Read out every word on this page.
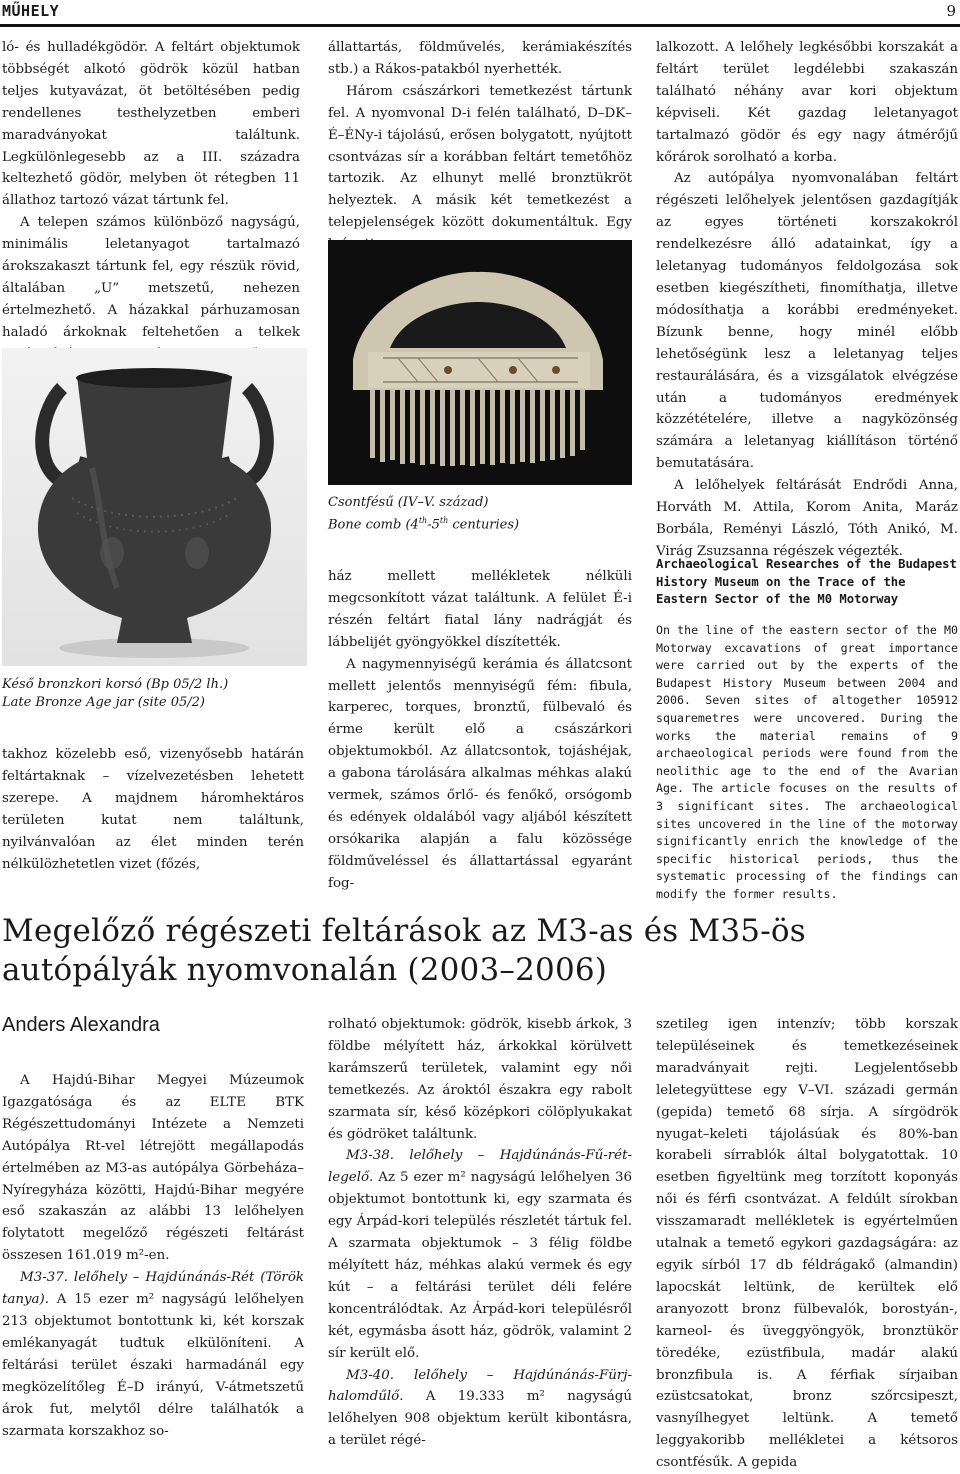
MŰHELY	9

ló- és hulladékgödör. A feltárt objektumok többségét alkotó gödrök közül hatban teljes kutyavázat, öt betöltésében pedig rendellenes testhelyzetben emberi maradványokat találtunk. Legkülönlegesebb az a III. századra keltezhető gödör, melyben öt rétegben 11 állathoz tartozó vázat tártunk fel.

A telepen számos különböző nagyságú, minimális leletanyagot tartalmazó árokszakaszt tártunk fel, egy részük rövid, általában „U” metszetű, nehezen értelmezhető. A házakkal párhuzamosan haladó árkoknak feltehetően a telkek

Késő bronzkori korsó (Bp 05/2 lh.)
Late Bronze Age jar (site 05/2)

takhoz közelebb eső, vizenyősebb határán feltártaknak – vízelvezetésben lehetett szerepe. A majdnem háromhektáros területen kutat nem találtunk, nyilvánvalóan az élet minden terén nélkülözhetetlen vizet (főzés,

állattartás, földművelés, kerámiakészítés stb.) a Rákos-patakból nyerhették.

Három császárkori temetkezést tártunk fel. A nyomvonal D-i felén található, D–DK–É–ÉNy-i tájolású, erősen bolygatott, nyújtott csontvázas sír a korábban feltárt temetőhöz tartozik. Az elhunyt mellé bronztükröt helyeztek. A másik két temetkezést a telepjelenségek között dokumentáltuk. Egy

Csontfésű (IV–V. század)
Bone comb (4th-5th centuries)

ház mellett mellékletek nélküli megcsonkított vázat találtunk. A felület É-i részén feltárt fiatal lány nadrágját és lábbelijét gyöngyökkel díszítették.

A nagymennyiségű kerámia és állatcsont mellett jelentős mennyiségű fém: fibula, karperec, torques, bronztű, fülbevaló és érme került elő a császárkori objektumokból. Az állatcsontok, tojáshéjak, a gabona tárolására alkalmas méhkas alakú vermek, számos őrlő- és fenőkő, orsógomb és edények oldalából vagy aljából készített orsókarika alapján a falu közössége földműveléssel és állattartással egyaránt fog-

lalkozott. A lelőhely legkésőbbi korszakát a feltárt terület legdélebbi szakaszán található néhány avar kori objektum képviseli. Két gazdag leletanyagot tartalmazó gödör és egy nagy átmérőjű kőrárok sorolható a korba.

Az autópálya nyomvonalában feltárt régészeti lelőhelyek jelentősen gazdagítják az egyes történeti korszakokról rendelkezésre álló adatainkat, így a leletanyag tudományos feldolgozása sok esetben kiegészítheti, finomíthatja, illetve módosíthatja a korábbi eredményeket. Bízunk benne, hogy minél előbb lehetőségünk lesz a leletanyag teljes restaurálására, és a vizsgálatok elvégzése után a tudományos eredmények közzétételére, illetve a nagyközönség számára a leletanyag kiállításon történő bemutatására.

A lelőhelyek feltárását Endrődi Anna, Horváth M. Attila, Korom Anita, Maráz Borbála, Reményi László, Tóth Anikó, M. Virág Zsuzsanna régészek végezték.

Archaeological Researches of the Budapest History Museum on the Trace of the Eastern Sector of the M0 Motorway
On the line of the eastern sector of the M0 Motorway excavations of great importance were carried out by the experts of the Budapest History Museum between 2004 and 2006. Seven sites of altogether 105912 squaremetres were uncovered. During the works the material remains of 9 archaeological periods were found from the neolithic age to the end of the Avarian Age. The article focuses on the results of 3 significant sites. The archaeological sites uncovered in the line of the motorway significantly enrich the knowledge of the specific historical periods, thus the systematic processing of the findings can modify the former results.
Megelőző régészeti feltárások az M3-as és M35-ös
autópályák nyomvonalán (2003–2006)
Anders Alexandra

A Hajdú-Bihar Megyei Múzeumok Igazgatósága és az ELTE BTK Régészettudományi Intézete a Nemzeti Autópálya Rt-vel létrejött megállapodás értelmében az M3-as autópálya Görbeháza–Nyíregyháza közötti, Hajdú-Bihar megyére eső szakaszán az alábbi 13 lelőhelyen folytatott megelőző régészeti feltárást összesen 161.019 m²-en.

M3-37. lelőhely – Hajdúnánás-Rét (Török tanya). A 15 ezer m² nagyságú lelőhelyen 213 objektumot bontottunk ki, két korszak emlékanyagát tudtuk elkülöníteni. A feltárási terület északi harmadánál egy megközelítőleg É–D irányú, V-átmetszetű árok fut, melytől délre találhatók a szarmata korszakhoz so-

rolható objektumok: gödrök, kisebb árkok, 3 földbe mélyített ház, árkokkal körülvett karámszerű területek, valamint egy női temetkezés. Az ároktól északra egy rabolt szarmata sír, késő középkori cölöplyukakat és gödröket találtunk.

M3-38. lelőhely – Hajdúnánás-Fű-rét-legelő. Az 5 ezer m² nagyságú lelőhelyen 36 objektumot bontottunk ki, egy szarmata és egy Árpád-kori település részletét tártuk fel. A szarmata objektumok – 3 félig földbe mélyített ház, méhkas alakú vermek és egy kút – a feltárási terület déli felére koncentrálódtak. Az Árpád-kori településről két, egymásba ásott ház, gödrök, valamint 2 sír került elő.

M3-40. lelőhely – Hajdúnánás-Fürj-halomdűlő. A 19.333 m² nagyságú lelőhelyen 908 objektum került kibontásra, a terület régé-

szetileg igen intenzív; több korszak településeinek és temetkezéseinek maradványait rejti. Legjelentősebb leletegyüttese egy V–VI. századi germán (gepida) temető 68 sírja. A sírgödrök nyugat–keleti tájolásúak és 80%-ban korabeli sírrablók által bolygatottak. 10 esetben figyeltünk meg torzított koponyás női és férfi csontvázat. A feldúlt sírokban visszamaradt mellékletek is egyértelműen utalnak a temető egykori gazdagságára: az egyik sírból 17 db féldrágakő (almandin) lapocskát leltünk, de kerültek elő aranyozott bronz fülbevalók, borostyán-, karneol- és üveggyöngyök, bronztükör töredéke, ezüstfibula, madár alakú bronzfibula is. A férfiak sírjaiban ezüstcsatokat, bronz szőrcsipeszt, vasnyílhegyet leltünk. A temető leggyakoribb mellékletei a kétsoros csontfésűk. A gepida
